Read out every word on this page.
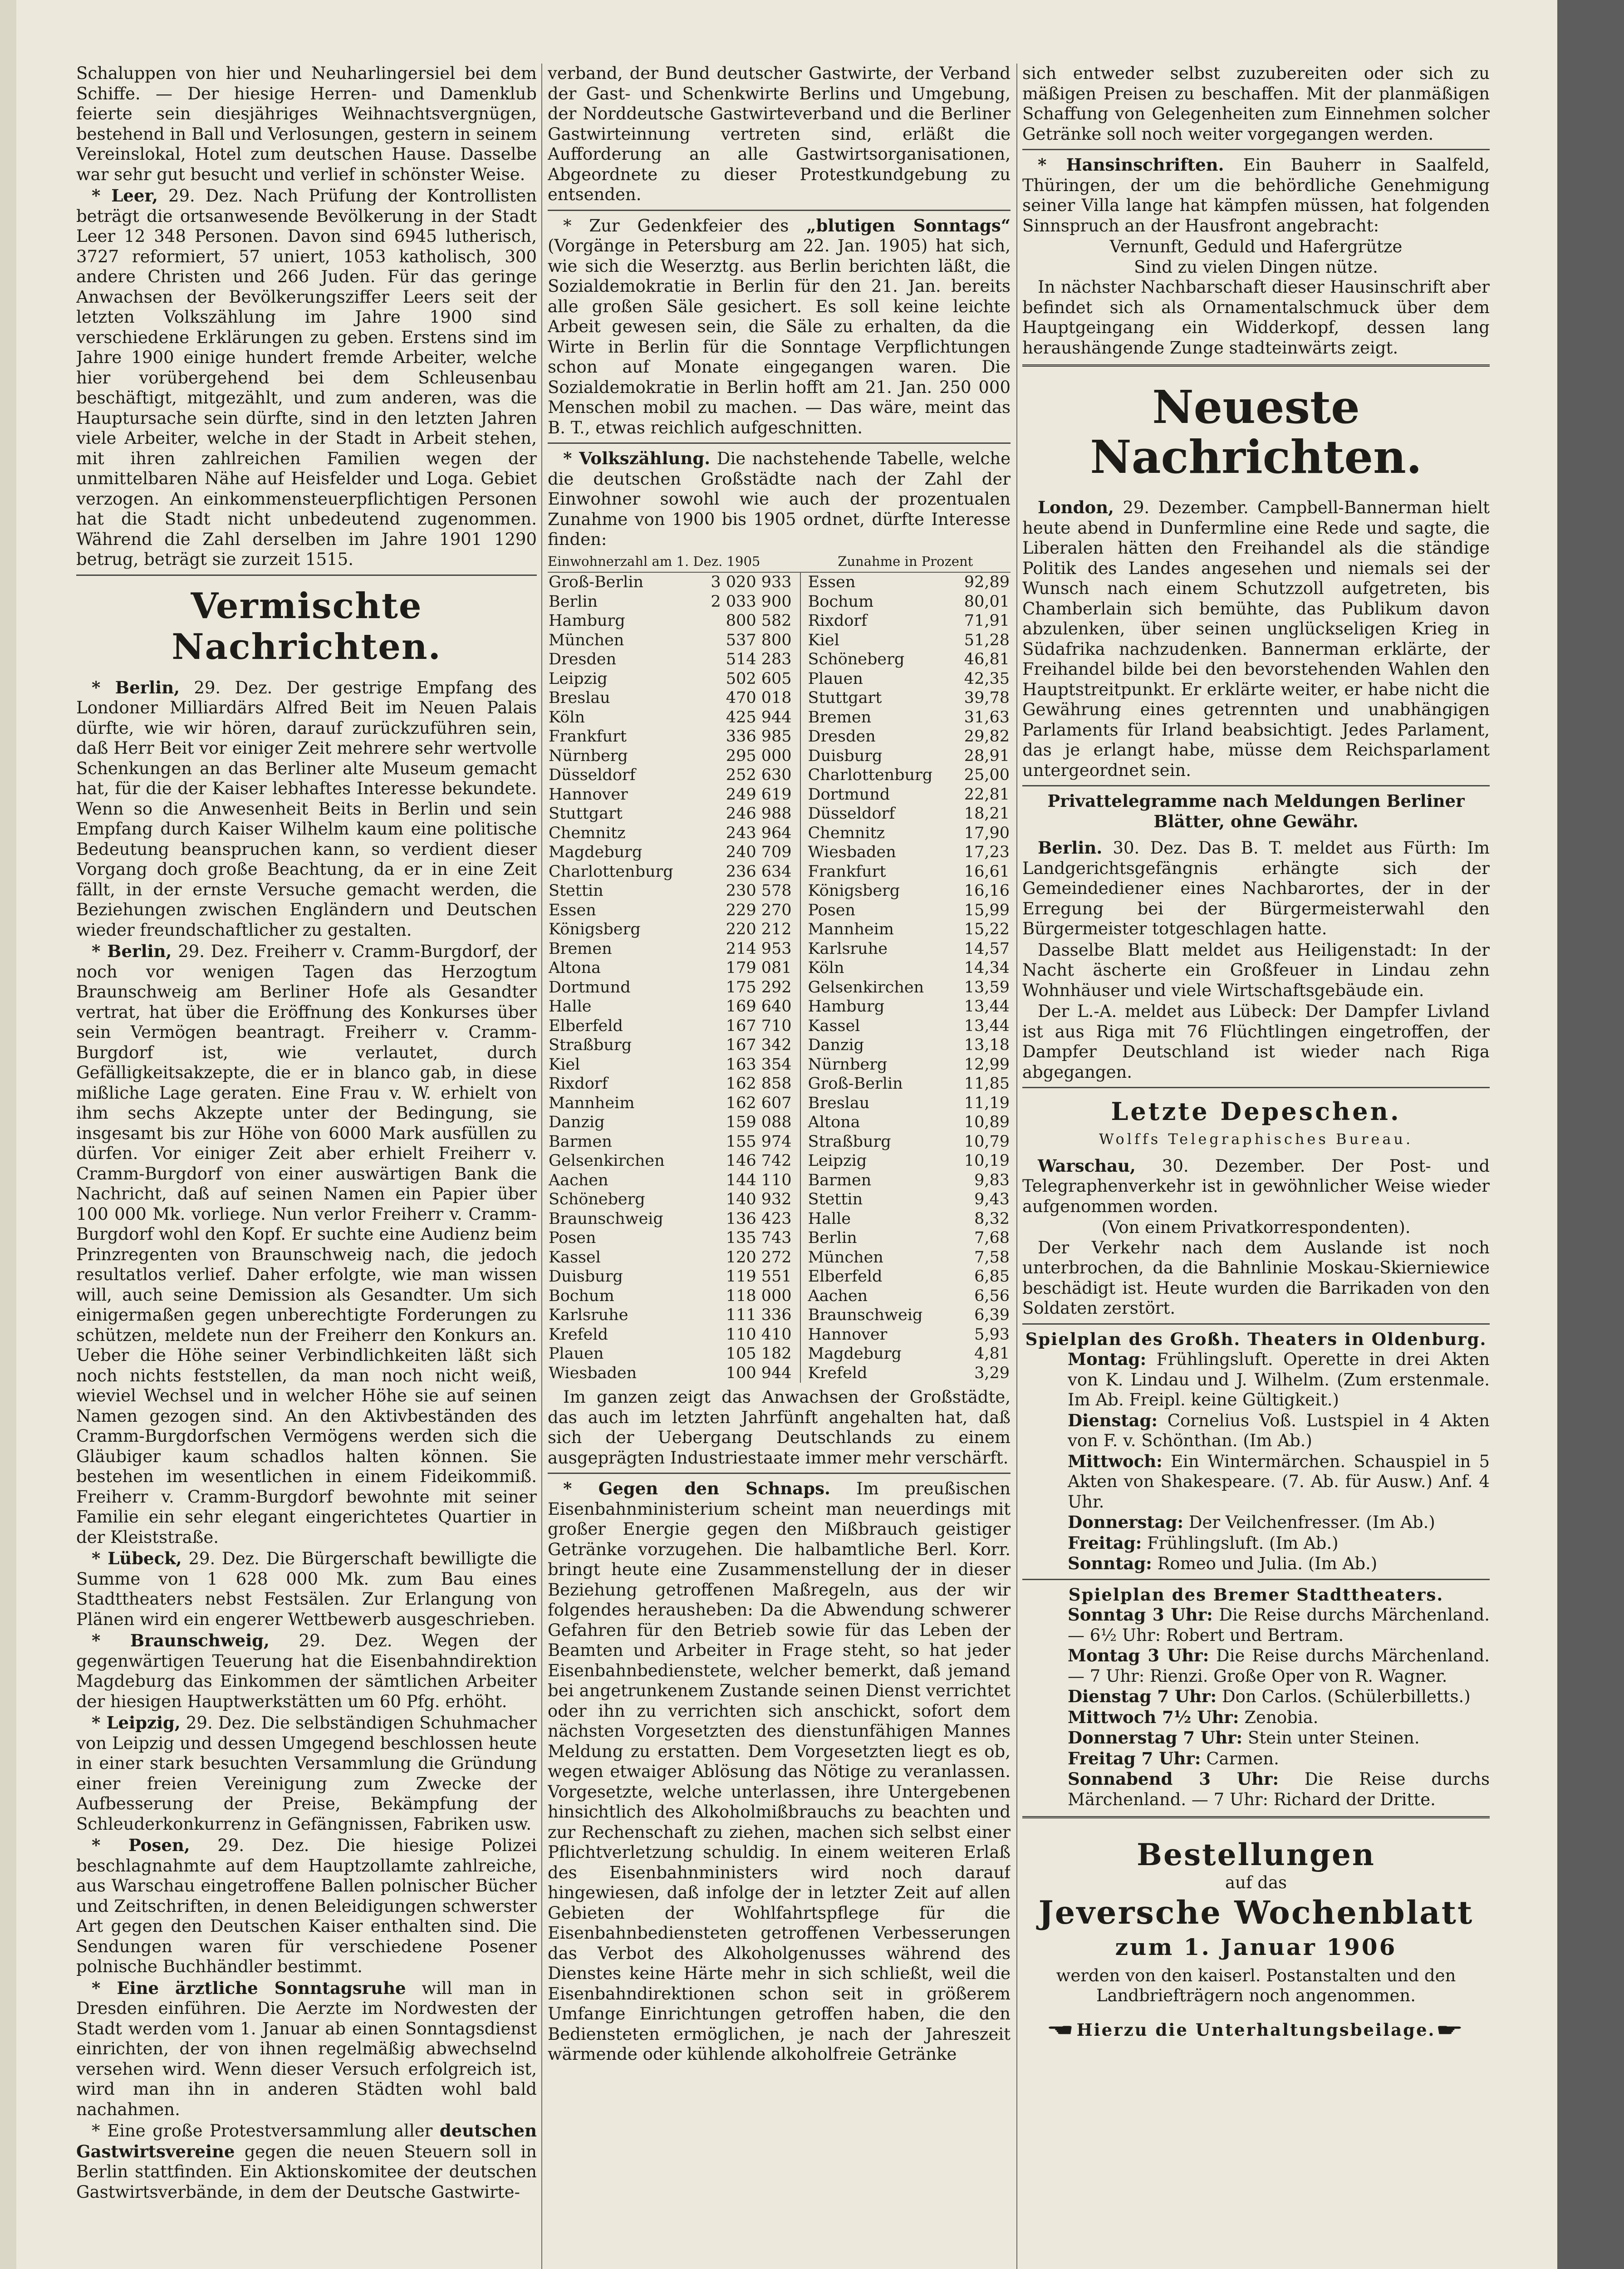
Schaluppen von hier und Neuharlingersiel bei dem Schiffe. — Der hiesige Herren- und Damenklub feierte sein diesjähriges Weihnachtsvergnügen, bestehend in Ball und Verlosungen, gestern in seinem Vereinslokal, Hotel zum deutschen Hause. Dasselbe war sehr gut besucht und verlief in schönster Weise.

* Leer, 29. Dez. Nach Prüfung der Kontrollisten beträgt die ortsanwesende Bevölkerung in der Stadt Leer 12 348 Personen. Davon sind 6945 lutherisch, 3727 reformiert, 57 uniert, 1053 katholisch, 300 andere Christen und 266 Juden. Für das geringe Anwachsen der Bevölkerungsziffer Leers seit der letzten Volkszählung im Jahre 1900 sind verschiedene Erklärungen zu geben. Erstens sind im Jahre 1900 einige hundert fremde Arbeiter, welche hier vorübergehend bei dem Schleusenbau beschäftigt, mitgezählt, und zum anderen, was die Hauptursache sein dürfte, sind in den letzten Jahren viele Arbeiter, welche in der Stadt in Arbeit stehen, mit ihren zahlreichen Familien wegen der unmittelbaren Nähe auf Heisfelder und Loga. Gebiet verzogen. An einkommensteuerpflichtigen Personen hat die Stadt nicht unbedeutend zugenommen. Während die Zahl derselben im Jahre 1901 1290 betrug, beträgt sie zurzeit 1515.

Vermischte Nachrichten.

* Berlin, 29. Dez. Der gestrige Empfang des Londoner Milliardärs Alfred Beit im Neuen Palais dürfte, wie wir hören, darauf zurückzuführen sein, daß Herr Beit vor einiger Zeit mehrere sehr wertvolle Schenkungen an das Berliner alte Museum gemacht hat, für die der Kaiser lebhaftes Interesse bekundete. Wenn so die Anwesenheit Beits in Berlin und sein Empfang durch Kaiser Wilhelm kaum eine politische Bedeutung beanspruchen kann, so verdient dieser Vorgang doch große Beachtung, da er in eine Zeit fällt, in der ernste Versuche gemacht werden, die Beziehungen zwischen Engländern und Deutschen wieder freundschaftlicher zu gestalten.

* Berlin, 29. Dez. Freiherr v. Cramm-Burgdorf, der noch vor wenigen Tagen das Herzogtum Braunschweig am Berliner Hofe als Gesandter vertrat, hat über die Eröffnung des Konkurses über sein Vermögen beantragt. Freiherr v. Cramm-Burgdorf ist, wie verlautet, durch Gefälligkeitsakzepte, die er in blanco gab, in diese mißliche Lage geraten. Eine Frau v. W. erhielt von ihm sechs Akzepte unter der Bedingung, sie insgesamt bis zur Höhe von 6000 Mark ausfüllen zu dürfen. Vor einiger Zeit aber erhielt Freiherr v. Cramm-Burgdorf von einer auswärtigen Bank die Nachricht, daß auf seinen Namen ein Papier über 100 000 Mk. vorliege. Nun verlor Freiherr v. Cramm-Burgdorf wohl den Kopf. Er suchte eine Audienz beim Prinzregenten von Braunschweig nach, die jedoch resultatlos verlief. Daher erfolgte, wie man wissen will, auch seine Demission als Gesandter. Um sich einigermaßen gegen unberechtigte Forderungen zu schützen, meldete nun der Freiherr den Konkurs an. Ueber die Höhe seiner Verbindlichkeiten läßt sich noch nichts feststellen, da man noch nicht weiß, wieviel Wechsel und in welcher Höhe sie auf seinen Namen gezogen sind. An den Aktivbeständen des Cramm-Burgdorfschen Vermögens werden sich die Gläubiger kaum schadlos halten können. Sie bestehen im wesentlichen in einem Fideikommiß. Freiherr v. Cramm-Burgdorf bewohnte mit seiner Familie ein sehr elegant eingerichtetes Quartier in der Kleiststraße.

* Lübeck, 29. Dez. Die Bürgerschaft bewilligte die Summe von 1 628 000 Mk. zum Bau eines Stadttheaters nebst Festsälen. Zur Erlangung von Plänen wird ein engerer Wettbewerb ausgeschrieben.

* Braunschweig, 29. Dez. Wegen der gegenwärtigen Teuerung hat die Eisenbahndirektion Magdeburg das Einkommen der sämtlichen Arbeiter der hiesigen Hauptwerkstätten um 60 Pfg. erhöht.

* Leipzig, 29. Dez. Die selbständigen Schuhmacher von Leipzig und dessen Umgegend beschlossen heute in einer stark besuchten Versammlung die Gründung einer freien Vereinigung zum Zwecke der Aufbesserung der Preise, Bekämpfung der Schleuderkonkurrenz in Gefängnissen, Fabriken usw.

* Posen, 29. Dez. Die hiesige Polizei beschlagnahmte auf dem Hauptzollamte zahlreiche, aus Warschau eingetroffene Ballen polnischer Bücher und Zeitschriften, in denen Beleidigungen schwerster Art gegen den Deutschen Kaiser enthalten sind. Die Sendungen waren für verschiedene Posener polnische Buchhändler bestimmt.

* Eine ärztliche Sonntagsruhe will man in Dresden einführen. Die Aerzte im Nordwesten der Stadt werden vom 1. Januar ab einen Sonntagsdienst einrichten, der von ihnen regelmäßig abwechselnd versehen wird. Wenn dieser Versuch erfolgreich ist, wird man ihn in anderen Städten wohl bald nachahmen.

* Eine große Protestversammlung aller deutschen Gastwirtsvereine gegen die neuen Steuern soll in Berlin stattfinden. Ein Aktionskomitee der deutschen Gastwirtsverbände, in dem der Deutsche Gastwirte-

verband, der Bund deutscher Gastwirte, der Verband der Gast- und Schenkwirte Berlins und Umgebung, der Norddeutsche Gastwirteverband und die Berliner Gastwirteinnung vertreten sind, erläßt die Aufforderung an alle Gastwirtsorganisationen, Abgeordnete zu dieser Protestkundgebung zu entsenden.

* Zur Gedenkfeier des „blutigen Sonntags“ (Vorgänge in Petersburg am 22. Jan. 1905) hat sich, wie sich die Weserztg. aus Berlin berichten läßt, die Sozialdemokratie in Berlin für den 21. Jan. bereits alle großen Säle gesichert. Es soll keine leichte Arbeit gewesen sein, die Säle zu erhalten, da die Wirte in Berlin für die Sonntage Verpflichtungen schon auf Monate eingegangen waren. Die Sozialdemokratie in Berlin hofft am 21. Jan. 250 000 Menschen mobil zu machen. — Das wäre, meint das B. T., etwas reichlich aufgeschnitten.

* Volkszählung. Die nachstehende Tabelle, welche die deutschen Großstädte nach der Zahl der Einwohner sowohl wie auch der prozentualen Zunahme von 1900 bis 1905 ordnet, dürfte Interesse finden:

Einwohnerzahl am 1. Dez. 1905		Zunahme in Prozent	
Groß-Berlin	3 020 933	Essen	92,89
Berlin	2 033 900	Bochum	80,01
Hamburg	800 582	Rixdorf	71,91
München	537 800	Kiel	51,28
Dresden	514 283	Schöneberg	46,81
Leipzig	502 605	Plauen	42,35
Breslau	470 018	Stuttgart	39,78
Köln	425 944	Bremen	31,63
Frankfurt	336 985	Dresden	29,82
Nürnberg	295 000	Duisburg	28,91
Düsseldorf	252 630	Charlottenburg	25,00
Hannover	249 619	Dortmund	22,81
Stuttgart	246 988	Düsseldorf	18,21
Chemnitz	243 964	Chemnitz	17,90
Magdeburg	240 709	Wiesbaden	17,23
Charlottenburg	236 634	Frankfurt	16,61
Stettin	230 578	Königsberg	16,16
Essen	229 270	Posen	15,99
Königsberg	220 212	Mannheim	15,22
Bremen	214 953	Karlsruhe	14,57
Altona	179 081	Köln	14,34
Dortmund	175 292	Gelsenkirchen	13,59
Halle	169 640	Hamburg	13,44
Elberfeld	167 710	Kassel	13,44
Straßburg	167 342	Danzig	13,18
Kiel	163 354	Nürnberg	12,99
Rixdorf	162 858	Groß-Berlin	11,85
Mannheim	162 607	Breslau	11,19
Danzig	159 088	Altona	10,89
Barmen	155 974	Straßburg	10,79
Gelsenkirchen	146 742	Leipzig	10,19
Aachen	144 110	Barmen	9,83
Schöneberg	140 932	Stettin	9,43
Braunschweig	136 423	Halle	8,32
Posen	135 743	Berlin	7,68
Kassel	120 272	München	7,58
Duisburg	119 551	Elberfeld	6,85
Bochum	118 000	Aachen	6,56
Karlsruhe	111 336	Braunschweig	6,39
Krefeld	110 410	Hannover	5,93
Plauen	105 182	Magdeburg	4,81
Wiesbaden	100 944	Krefeld	3,29

Im ganzen zeigt das Anwachsen der Großstädte, das auch im letzten Jahrfünft angehalten hat, daß sich der Uebergang Deutschlands zu einem ausgeprägten Industriestaate immer mehr verschärft.

* Gegen den Schnaps. Im preußischen Eisenbahnministerium scheint man neuerdings mit großer Energie gegen den Mißbrauch geistiger Getränke vorzugehen. Die halbamtliche Berl. Korr. bringt heute eine Zusammenstellung der in dieser Beziehung getroffenen Maßregeln, aus der wir folgendes herausheben: Da die Abwendung schwerer Gefahren für den Betrieb sowie für das Leben der Beamten und Arbeiter in Frage steht, so hat jeder Eisenbahnbedienstete, welcher bemerkt, daß jemand bei angetrunkenem Zustande seinen Dienst verrichtet oder ihn zu verrichten sich anschickt, sofort dem nächsten Vorgesetzten des dienstunfähigen Mannes Meldung zu erstatten. Dem Vorgesetzten liegt es ob, wegen etwaiger Ablösung das Nötige zu veranlassen. Vorgesetzte, welche unterlassen, ihre Untergebenen hinsichtlich des Alkoholmißbrauchs zu beachten und zur Rechenschaft zu ziehen, machen sich selbst einer Pflichtverletzung schuldig. In einem weiteren Erlaß des Eisenbahnministers wird noch darauf hingewiesen, daß infolge der in letzter Zeit auf allen Gebieten der Wohlfahrtspflege für die Eisenbahnbediensteten getroffenen Verbesserungen das Verbot des Alkoholgenusses während des Dienstes keine Härte mehr in sich schließt, weil die Eisenbahndirektionen schon seit in größerem Umfange Einrichtungen getroffen haben, die den Bediensteten ermöglichen, je nach der Jahreszeit wärmende oder kühlende alkoholfreie Getränke

sich entweder selbst zuzubereiten oder sich zu mäßigen Preisen zu beschaffen. Mit der planmäßigen Schaffung von Gelegenheiten zum Einnehmen solcher Getränke soll noch weiter vorgegangen werden.

* Hansinschriften. Ein Bauherr in Saalfeld, Thüringen, der um die behördliche Genehmigung seiner Villa lange hat kämpfen müssen, hat folgenden Sinnspruch an der Hausfront angebracht:

Vernunft, Geduld und Hafergrütze
Sind zu vielen Dingen nütze.

In nächster Nachbarschaft dieser Hausinschrift aber befindet sich als Ornamentalschmuck über dem Hauptgeingang ein Widderkopf, dessen lang heraushängende Zunge stadteinwärts zeigt.

Neueste Nachrichten.

London, 29. Dezember. Campbell-Bannerman hielt heute abend in Dunfermline eine Rede und sagte, die Liberalen hätten den Freihandel als die ständige Politik des Landes angesehen und niemals sei der Wunsch nach einem Schutzzoll aufgetreten, bis Chamberlain sich bemühte, das Publikum davon abzulenken, über seinen unglückseligen Krieg in Südafrika nachzudenken. Bannerman erklärte, der Freihandel bilde bei den bevorstehenden Wahlen den Hauptstreitpunkt. Er erklärte weiter, er habe nicht die Gewährung eines getrennten und unabhängigen Parlaments für Irland beabsichtigt. Jedes Parlament, das je erlangt habe, müsse dem Reichsparlament untergeordnet sein.

Privattelegramme nach Meldungen Berliner Blätter, ohne Gewähr.

Berlin. 30. Dez. Das B. T. meldet aus Fürth: Im Landgerichtsgefängnis erhängte sich der Gemeindediener eines Nachbarortes, der in der Erregung bei der Bürgermeisterwahl den Bürgermeister totgeschlagen hatte.

Dasselbe Blatt meldet aus Heiligenstadt: In der Nacht äscherte ein Großfeuer in Lindau zehn Wohnhäuser und viele Wirtschaftsgebäude ein.

Der L.-A. meldet aus Lübeck: Der Dampfer Livland ist aus Riga mit 76 Flüchtlingen eingetroffen, der Dampfer Deutschland ist wieder nach Riga abgegangen.

Letzte Depeschen.
Wolffs Telegraphisches Bureau.

Warschau, 30. Dezember. Der Post- und Telegraphenverkehr ist in gewöhnlicher Weise wieder aufgenommen worden.

(Von einem Privatkorrespondenten).

Der Verkehr nach dem Auslande ist noch unterbrochen, da die Bahnlinie Moskau-Skierniewice beschädigt ist. Heute wurden die Barrikaden von den Soldaten zerstört.

Spielplan des Großh. Theaters in Oldenburg.

Montag: Frühlingsluft. Operette in drei Akten von K. Lindau und J. Wilhelm. (Zum erstenmale. Im Ab. Freipl. keine Gültigkeit.)

Dienstag: Cornelius Voß. Lustspiel in 4 Akten von F. v. Schönthan. (Im Ab.)

Mittwoch: Ein Wintermärchen. Schauspiel in 5 Akten von Shakespeare. (7. Ab. für Ausw.) Anf. 4 Uhr.

Donnerstag: Der Veilchenfresser. (Im Ab.)

Freitag: Frühlingsluft. (Im Ab.)

Sonntag: Romeo und Julia. (Im Ab.)

Spielplan des Bremer Stadttheaters.

Sonntag 3 Uhr: Die Reise durchs Märchenland. — 6½ Uhr: Robert und Bertram.

Montag 3 Uhr: Die Reise durchs Märchenland. — 7 Uhr: Rienzi. Große Oper von R. Wagner.

Dienstag 7 Uhr: Don Carlos. (Schülerbilletts.)

Mittwoch 7½ Uhr: Zenobia.

Donnerstag 7 Uhr: Stein unter Steinen.

Freitag 7 Uhr: Carmen.

Sonnabend 3 Uhr: Die Reise durchs Märchenland. — 7 Uhr: Richard der Dritte.

Bestellungen
auf das
Jeversche Wochenblatt
zum 1. Januar 1906
werden von den kaiserl. Postanstalten und den Landbriefträgern noch angenommen.
☚ Hierzu die Unterhaltungsbeilage. ☛
